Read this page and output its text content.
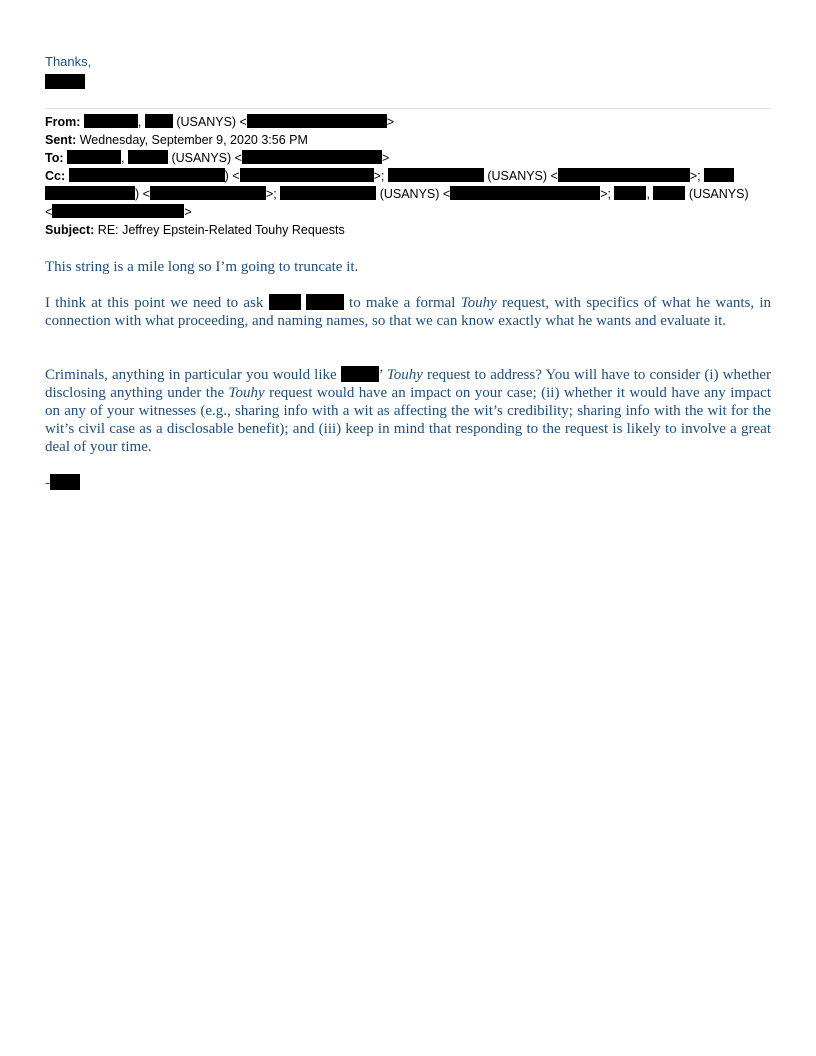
Thanks,
From:	,	(USANYS) <	>
Sent: Wednesday, September 9, 2020 3:56 PM
To:	,	(USANYS) <	>
Cc:	) <	>;	(USANYS) <	>;
) <	>;	(USANYS) <	>;	,	(USANYS)
<	>
Subject: RE: Jeffrey Epstein-Related Touhy Requests
This string is a mile long so I’m going to truncate it.
I think at this point we need to ask	to make a formal Touhy request, with specifics of what he wants, in connection with what proceeding, and naming names, so that we can know exactly what he wants and evaluate it.
Criminals, anything in particular you would like	’ Touhy request to address? You will have to consider (i) whether disclosing anything under the Touhy request would have an impact on your case; (ii) whether it would have any impact on any of your witnesses (e.g., sharing info with a wit as affecting the wit’s credibility; sharing info with the wit for the wit’s civil case as a disclosable benefit); and (iii) keep in mind that responding to the request is likely to involve a great deal of your time.
-
